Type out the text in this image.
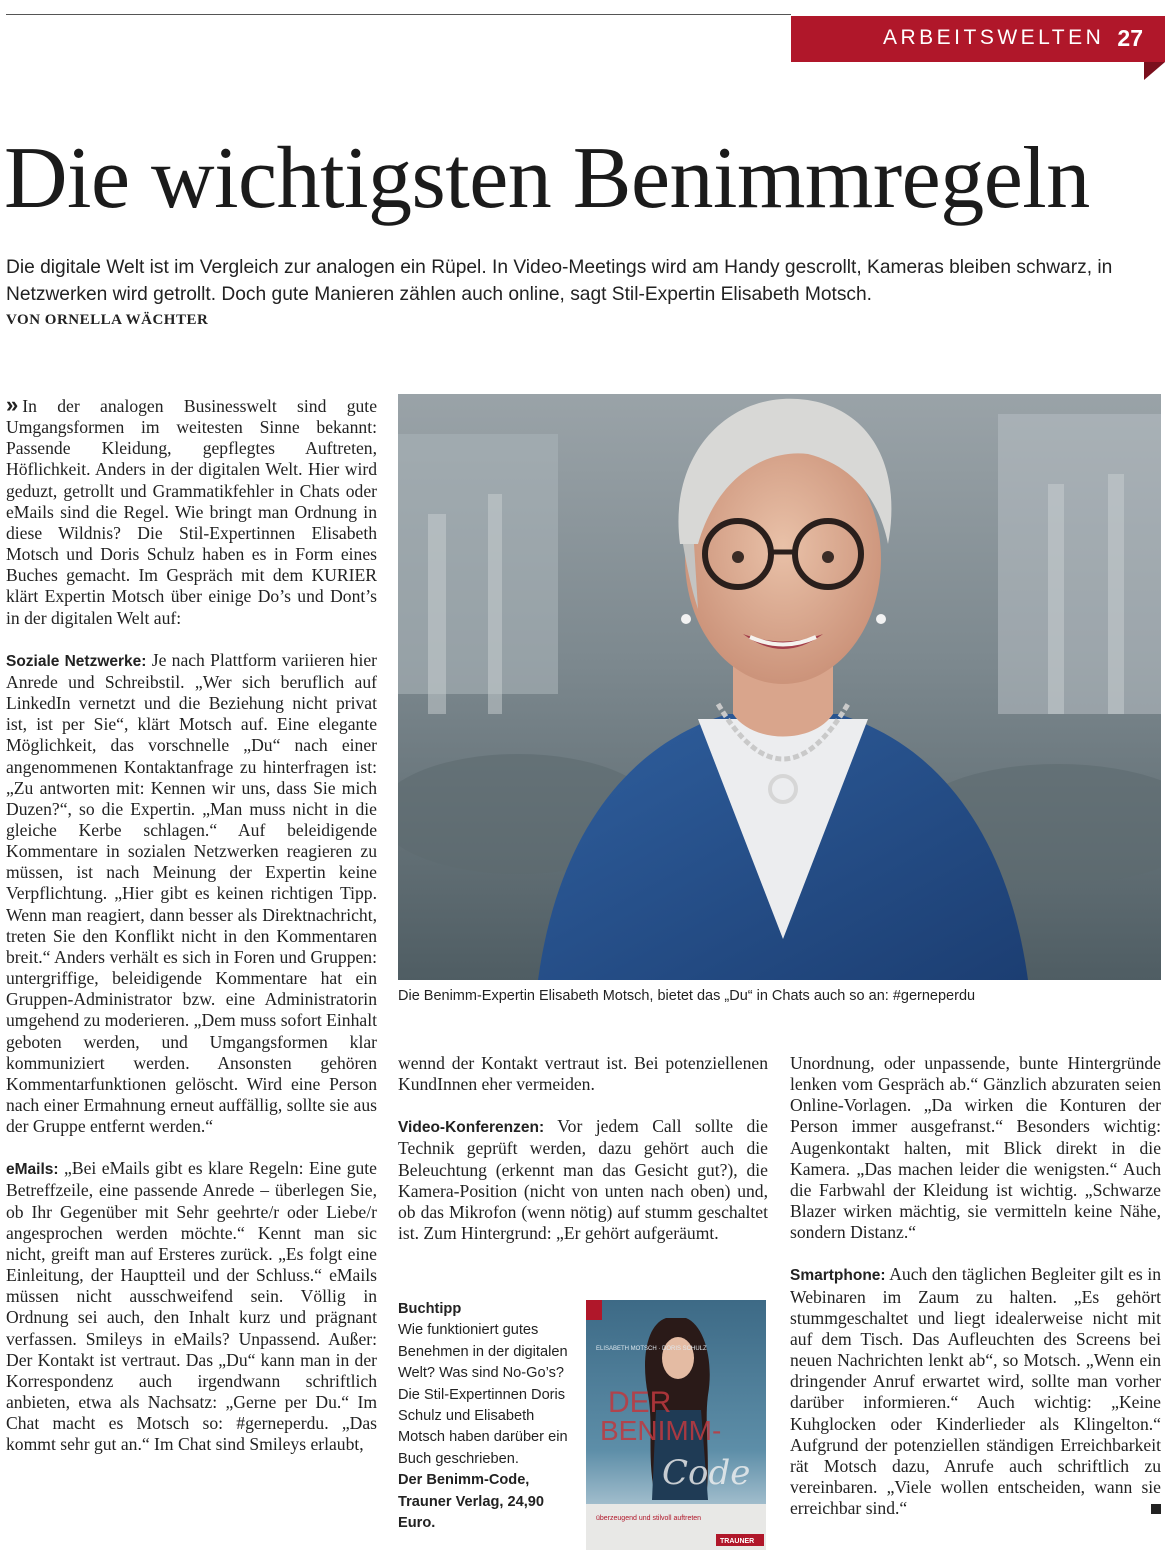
ARBEITSWELTEN 27
Die wichtigsten Benimmregeln

Die digitale Welt ist im Vergleich zur analogen ein Rüpel. In Video-Meetings wird am Handy gescrollt, Kameras bleiben schwarz, in Netzwerken wird getrollt. Doch gute Manieren zählen auch online, sagt Stil-Expertin Elisabeth Motsch.

VON ORNELLA WÄCHTER

» In der analogen Businesswelt sind gute Umgangsformen im weitesten Sinne bekannt: Passende Kleidung, gepflegtes Auftreten, Höflichkeit. Anders in der digitalen Welt. Hier wird geduzt, getrollt und Grammatikfehler in Chats oder eMails sind die Regel. Wie bringt man Ordnung in diese Wildnis? Die Stil-Expertinnen Elisabeth Motsch und Doris Schulz haben es in Form eines Buches gemacht. Im Gespräch mit dem KURIER klärt Expertin Motsch über einige Do’s und Dont’s in der digitalen Welt auf:

Soziale Netzwerke: Je nach Plattform variieren hier Anrede und Schreibstil. „Wer sich beruflich auf LinkedIn vernetzt und die Beziehung nicht privat ist, ist per Sie“, klärt Motsch auf. Eine elegante Möglichkeit, das vorschnelle „Du“ nach einer angenommenen Kontaktanfrage zu hinterfragen ist: „Zu antworten mit: Kennen wir uns, dass Sie mich Duzen?“, so die Expertin. „Man muss nicht in die gleiche Kerbe schlagen.“ Auf beleidigende Kommentare in sozialen Netzwerken reagieren zu müssen, ist nach Meinung der Expertin keine Verpflichtung. „Hier gibt es keinen richtigen Tipp. Wenn man reagiert, dann besser als Direktnachricht, treten Sie den Konflikt nicht in den Kommentaren breit.“ Anders verhält es sich in Foren und Gruppen: untergriffige, beleidigende Kommentare hat ein Gruppen-Administrator bzw. eine Administratorin umgehend zu moderieren. „Dem muss sofort Einhalt geboten werden, und Umgangsformen klar kommuniziert werden. Ansonsten gehören Kommentarfunktionen gelöscht. Wird eine Person nach einer Ermahnung erneut auffällig, sollte sie aus der Gruppe entfernt werden.“

eMails: „Bei eMails gibt es klare Regeln: Eine gute Betreffzeile, eine passende Anrede – überlegen Sie, ob Ihr Gegenüber mit Sehr geehrte/r oder Liebe/r angesprochen werden möchte.“ Kennt man sic nicht, greift man auf Ersteres zurück. „Es folgt eine Einleitung, der Hauptteil und der Schluss.“ eMails müssen nicht ausschweifend sein. Völlig in Ordnung sei auch, den Inhalt kurz und prägnant verfassen. Smileys in eMails? Unpassend. Außer: Der Kontakt ist vertraut. Das „Du“ kann man in der Korrespondenz auch irgendwann schriftlich anbieten, etwa als Nachsatz: „Gerne per Du.“ Im Chat macht es Motsch so: #gerneperdu. „Das kommt sehr gut an.“ Im Chat sind Smileys erlaubt,

Die Benimm-Expertin Elisabeth Motsch, bietet das „Du“ in Chats auch so an: #gerneperdu

wennd der Kontakt vertraut ist. Bei potenziellenen KundInnen eher vermeiden.

Video-Konferenzen: Vor jedem Call sollte die Technik geprüft werden, dazu gehört auch die Beleuchtung (erkennt man das Gesicht gut?), die Kamera-Position (nicht von unten nach oben) und, ob das Mikrofon (wenn nötig) auf stumm geschaltet ist. Zum Hintergrund: „Er gehört aufgeräumt.

Buchtipp
Wie funktioniert gutes Benehmen in der digitalen Welt? Was sind No-Go’s? Die Stil-Expertinnen Doris Schulz und Elisabeth Motsch haben darüber ein Buch geschrieben.
Der Benimm-Code, Trauner Verlag, 24,90 Euro.
ELISABETH MOTSCH · DORIS SCHULZ
DER
BENIMM-
Code
überzeugend und stilvoll auftreten
TRAUNER

Unordnung, oder unpassende, bunte Hintergründe lenken vom Gespräch ab.“ Gänzlich abzuraten seien Online-Vorlagen. „Da wirken die Konturen der Person immer ausgefranst.“ Besonders wichtig: Augenkontakt halten, mit Blick direkt in die Kamera. „Das machen leider die wenigsten.“ Auch die Farbwahl der Kleidung ist wichtig. „Schwarze Blazer wirken mächtig, sie vermitteln keine Nähe, sondern Distanz.“

Smartphone: Auch den täglichen Begleiter gilt es in Webinaren im Zaum zu halten. „Es gehört stummgeschaltet und liegt idealerweise nicht mit auf dem Tisch. Das Aufleuchten des Screens bei neuen Nachrichten lenkt ab“, so Motsch. „Wenn ein dringender Anruf erwartet wird, sollte man vorher darüber informieren.“ Auch wichtig: „Keine Kuhglocken oder Kinderlieder als Klingelton.“ Aufgrund der potenziellen ständigen Erreichbarkeit rät Motsch dazu, Anrufe auch schriftlich zu vereinbaren. „Viele wollen entscheiden, wann sie erreichbar sind.“
